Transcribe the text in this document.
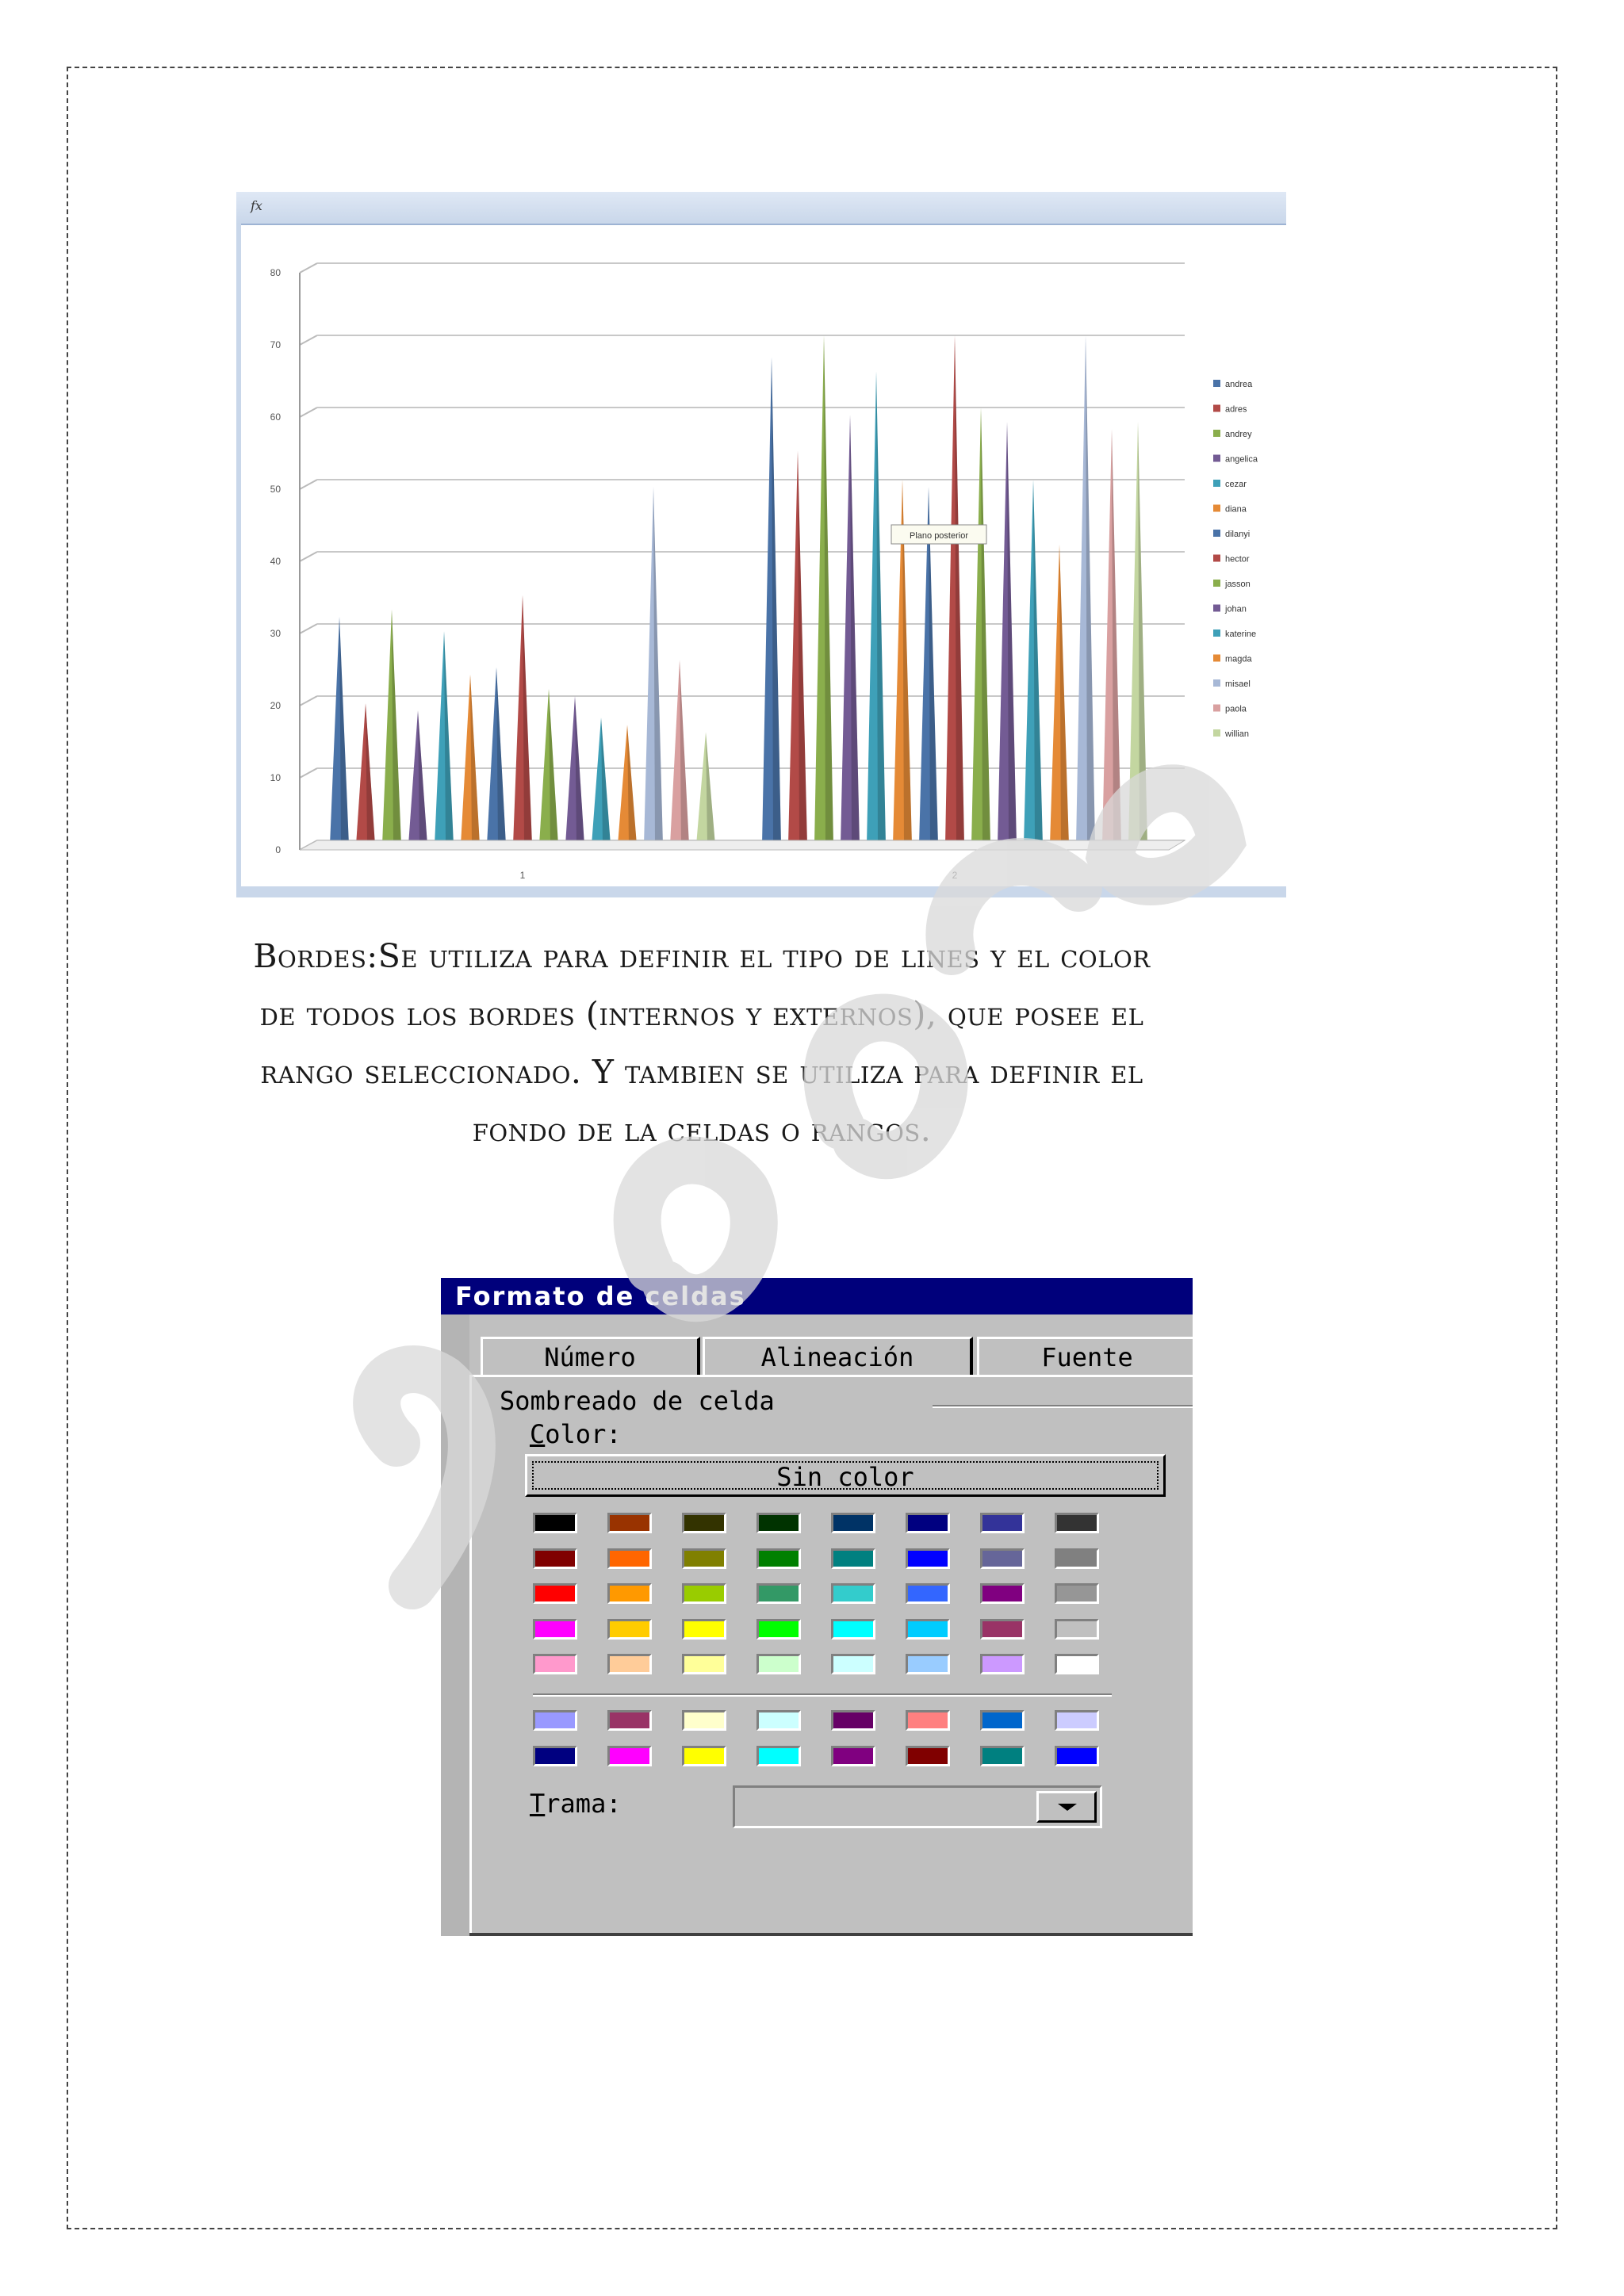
fx
0
10
20
30
40
50
60
70
80
1	2
andrea
adres
andrey
angelica
cezar
diana
dilanyi
hector
jasson
johan
katerine
magda
misael
paola
willian
Plano posterior

Bordes:Se utiliza para definir el tipo de lines y el color de todos los bordes (internos y externos), que posee el rango seleccionado. Y tambien se utiliza para definir el fondo de la celdas o rangos.

Formato de celdas
Número	Alineación	Fuente
Sombreado de celda
Color:
Sin color
Trama:
